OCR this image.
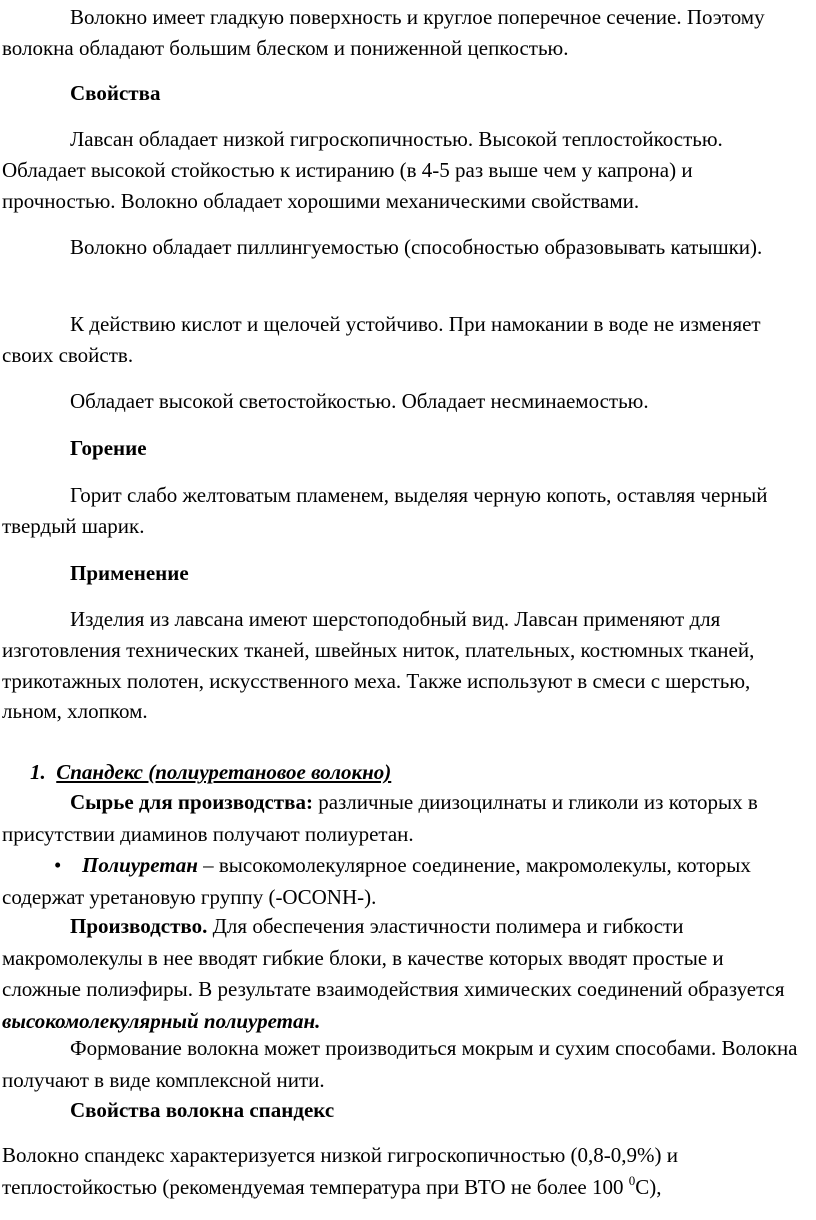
Волокно имеет гладкую поверхность и круглое поперечное сечение. Поэтому волокна обладают большим блеском и пониженной цепкостью.

Свойства

Лавсан обладает низкой гигроскопичностью. Высокой теплостойкостью. Обладает высокой стойкостью к истиранию (в 4-5 раз выше чем у капрона) и прочностью. Волокно обладает хорошими механическими свойствами.

Волокно обладает пиллингуемостью (способностью образовывать катышки).

К действию кислот и щелочей устойчиво. При намокании в воде не изменяет своих свойств.

Обладает высокой светостойкостью. Обладает несминаемостью.

Горение

Горит слабо желтоватым пламенем, выделяя черную копоть, оставляя черный твердый шарик.

Применение

Изделия из лавсана имеют шерстоподобный вид. Лавсан применяют для изготовления технических тканей, швейных ниток, плательных, костюмных тканей, трикотажных полотен, искусственного меха. Также используют в смеси с шерстью, льном, хлопком.

1. Спандекс (полиуретановое волокно)

Сырье для производства: различные диизоцилнаты и гликоли из которых в присутствии диаминов получают полиуретан.

• Полиуретан – высокомолекулярное соединение, макромолекулы, которых содержат уретановую группу (-OCONH-).

Производство. Для обеспечения эластичности полимера и гибкости макромолекулы в нее вводят гибкие блоки, в качестве которых вводят простые и сложные полиэфиры. В результате взаимодействия химических соединений образуется высокомолекулярный полиуретан.

Формование волокна может производиться мокрым и сухим способами. Волокна получают в виде комплексной нити.

Свойства волокна спандекс

Волокно спандекс характеризуется низкой гигроскопичностью (0,8-0,9%) и теплостойкостью (рекомендуемая температура при ВТО не более 100 $^0$С),
